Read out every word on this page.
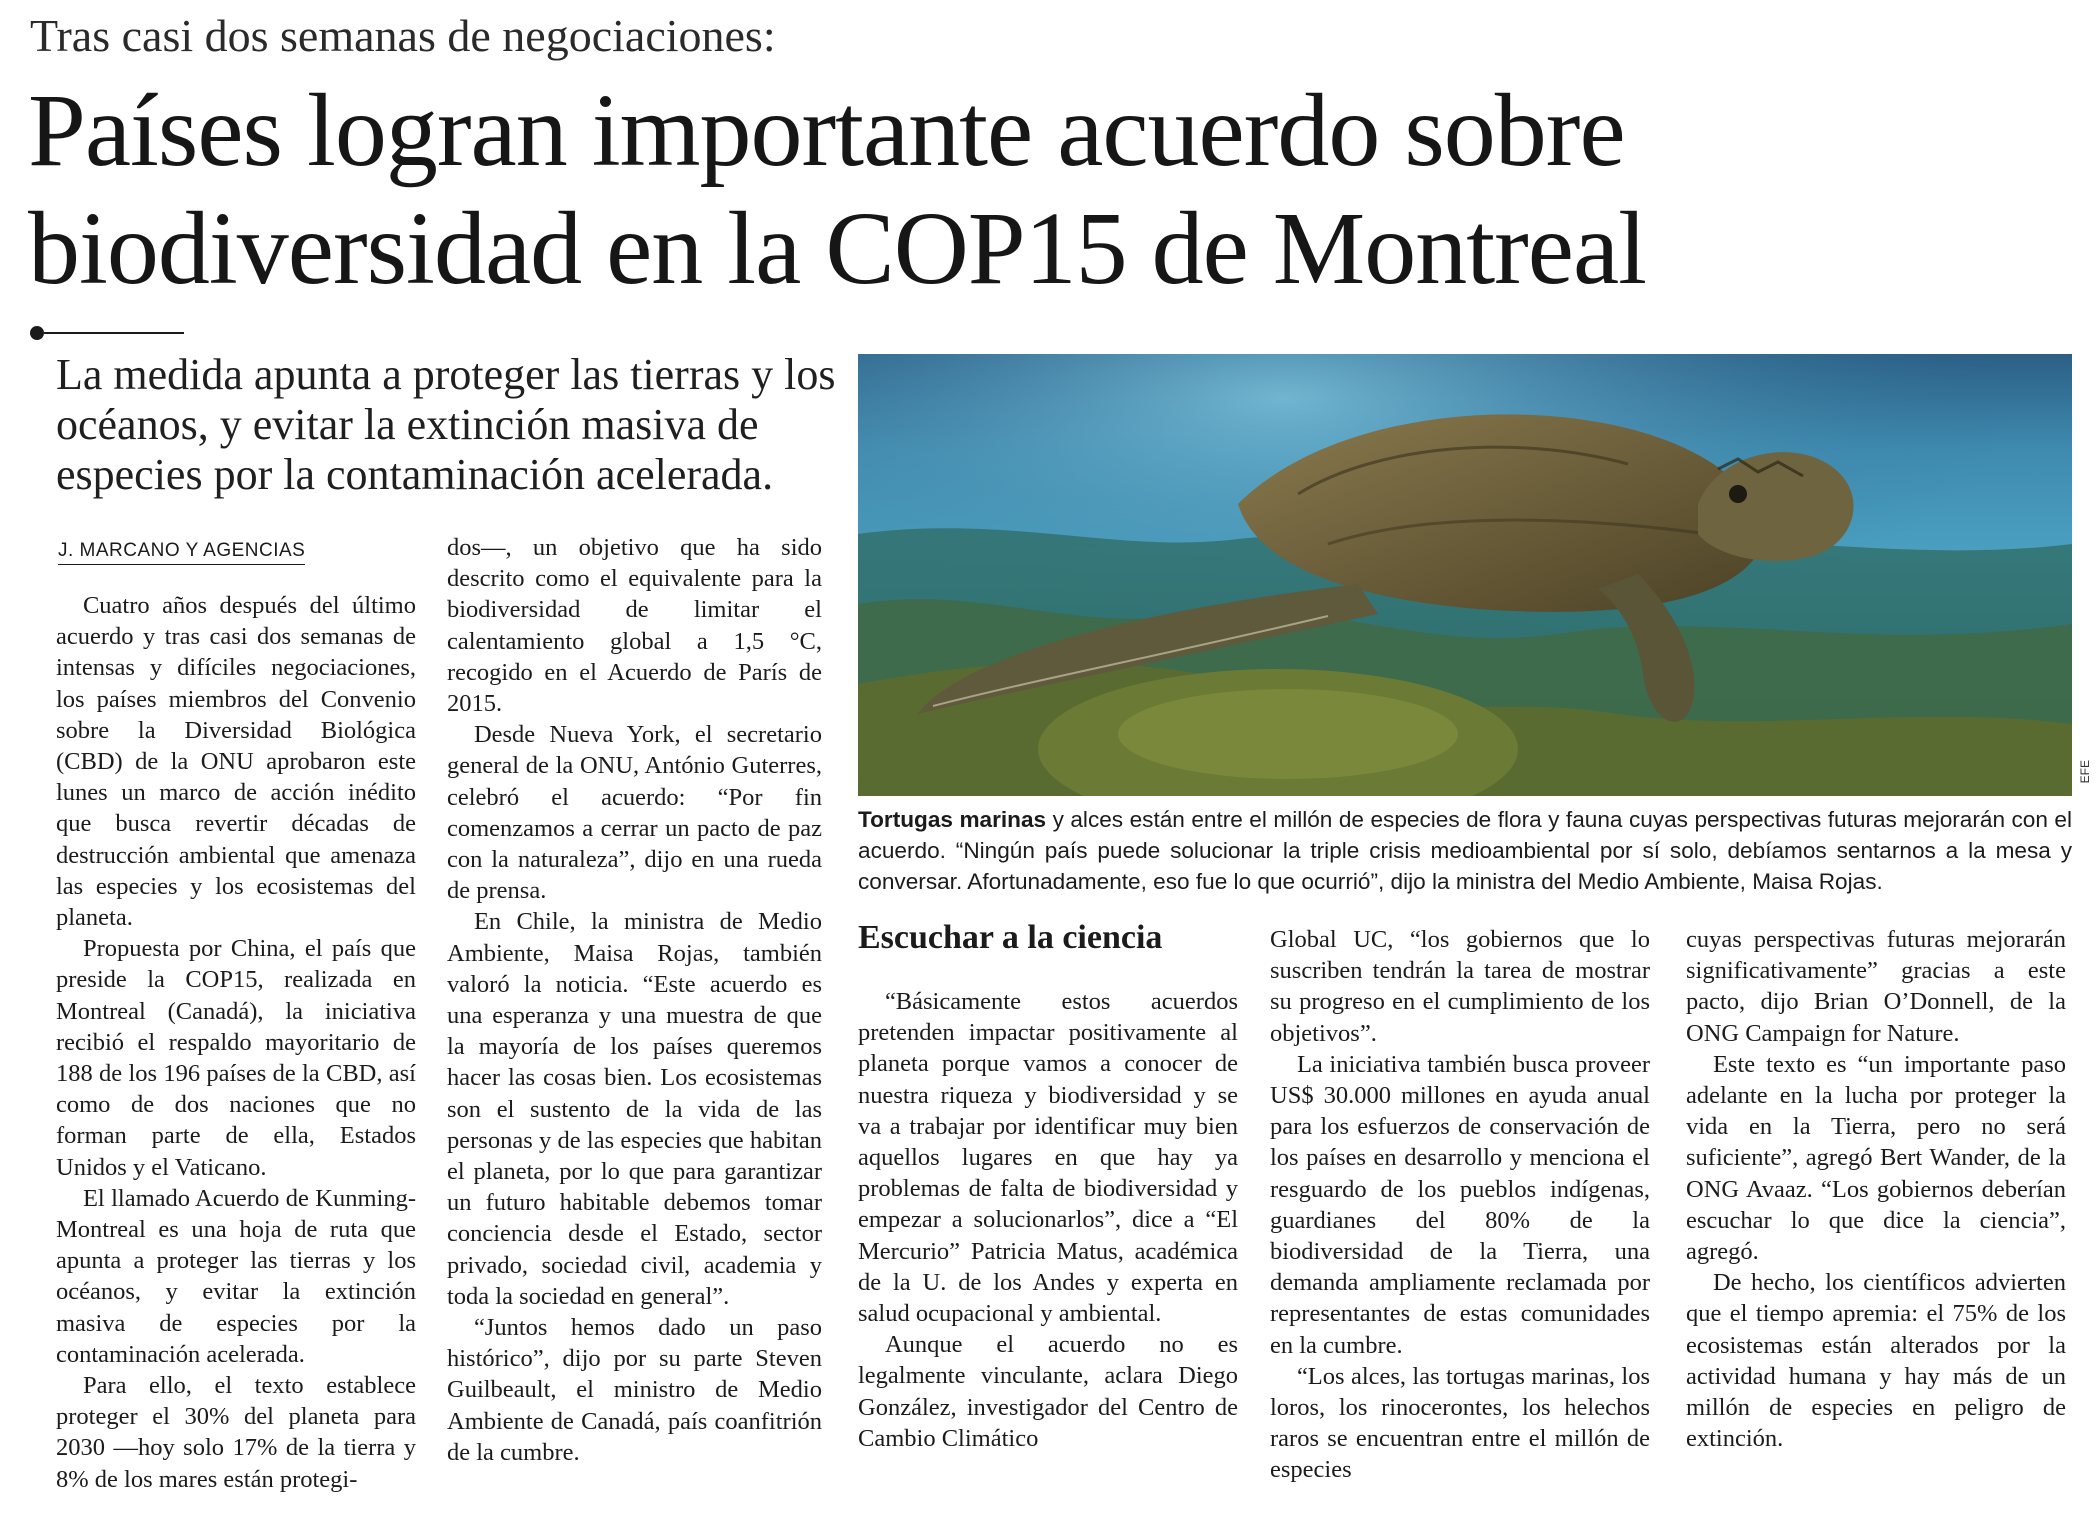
Tras casi dos semanas de negociaciones:
Países logran importante acuerdo sobre
biodiversidad en la COP15 de Montreal
La medida apunta a proteger las tierras y los océanos, y evitar la extinción masiva de especies por la contaminación acelerada.
J. MARCANO Y AGENCIAS

Cuatro años después del último acuerdo y tras casi dos semanas de intensas y difíciles negociaciones, los países miembros del Convenio sobre la Diversidad Biológica (CBD) de la ONU aprobaron este lunes un marco de acción inédito que busca revertir décadas de destrucción ambiental que amenaza las especies y los ecosistemas del planeta.

Propuesta por China, el país que preside la COP15, realizada en Montreal (Canadá), la iniciativa recibió el respaldo mayoritario de 188 de los 196 países de la CBD, así como de dos naciones que no forman parte de ella, Estados Unidos y el Vaticano.

El llamado Acuerdo de Kunming-Montreal es una hoja de ruta que apunta a proteger las tierras y los océanos, y evitar la extinción masiva de especies por la contaminación acelerada.

Para ello, el texto establece proteger el 30% del planeta para 2030 —hoy solo 17% de la tierra y 8% de los mares están protegi-

dos—, un objetivo que ha sido descrito como el equivalente para la biodiversidad de limitar el calentamiento global a 1,5 °C, recogido en el Acuerdo de París de 2015.

Desde Nueva York, el secretario general de la ONU, António Guterres, celebró el acuerdo: “Por fin comenzamos a cerrar un pacto de paz con la naturaleza”, dijo en una rueda de prensa.

En Chile, la ministra de Medio Ambiente, Maisa Rojas, también valoró la noticia. “Este acuerdo es una esperanza y una muestra de que la mayoría de los países queremos hacer las cosas bien. Los ecosistemas son el sustento de la vida de las personas y de las especies que habitan el planeta, por lo que para garantizar un futuro habitable debemos tomar conciencia desde el Estado, sector privado, sociedad civil, academia y toda la sociedad en general”.

“Juntos hemos dado un paso histórico”, dijo por su parte Steven Guilbeault, el ministro de Medio Ambiente de Canadá, país coanfitrión de la cumbre.

EFE
Tortugas marinas y alces están entre el millón de especies de flora y fauna cuyas perspectivas futuras mejorarán con el acuerdo. “Ningún país puede solucionar la triple crisis medioambiental por sí solo, debíamos sentarnos a la mesa y conversar. Afortunadamente, eso fue lo que ocurrió”, dijo la ministra del Medio Ambiente, Maisa Rojas.
Escuchar a la ciencia

“Básicamente estos acuerdos pretenden impactar positivamente al planeta porque vamos a conocer de nuestra riqueza y biodiversidad y se va a trabajar por identificar muy bien aquellos lugares en que hay ya problemas de falta de biodiversidad y empezar a solucionarlos”, dice a “El Mercurio” Patricia Matus, académica de la U. de los Andes y experta en salud ocupacional y ambiental.

Aunque el acuerdo no es legalmente vinculante, aclara Diego González, investigador del Centro de Cambio Climático

Global UC, “los gobiernos que lo suscriben tendrán la tarea de mostrar su progreso en el cumplimiento de los objetivos”.

La iniciativa también busca proveer US$ 30.000 millones en ayuda anual para los esfuerzos de conservación de los países en desarrollo y menciona el resguardo de los pueblos indígenas, guardianes del 80% de la biodiversidad de la Tierra, una demanda ampliamente reclamada por representantes de estas comunidades en la cumbre.

“Los alces, las tortugas marinas, los loros, los rinocerontes, los helechos raros se encuentran entre el millón de especies

cuyas perspectivas futuras mejorarán significativamente” gracias a este pacto, dijo Brian O’Donnell, de la ONG Campaign for Nature.

Este texto es “un importante paso adelante en la lucha por proteger la vida en la Tierra, pero no será suficiente”, agregó Bert Wander, de la ONG Avaaz. “Los gobiernos deberían escuchar lo que dice la ciencia”, agregó.

De hecho, los científicos advierten que el tiempo apremia: el 75% de los ecosistemas están alterados por la actividad humana y hay más de un millón de especies en peligro de extinción.
